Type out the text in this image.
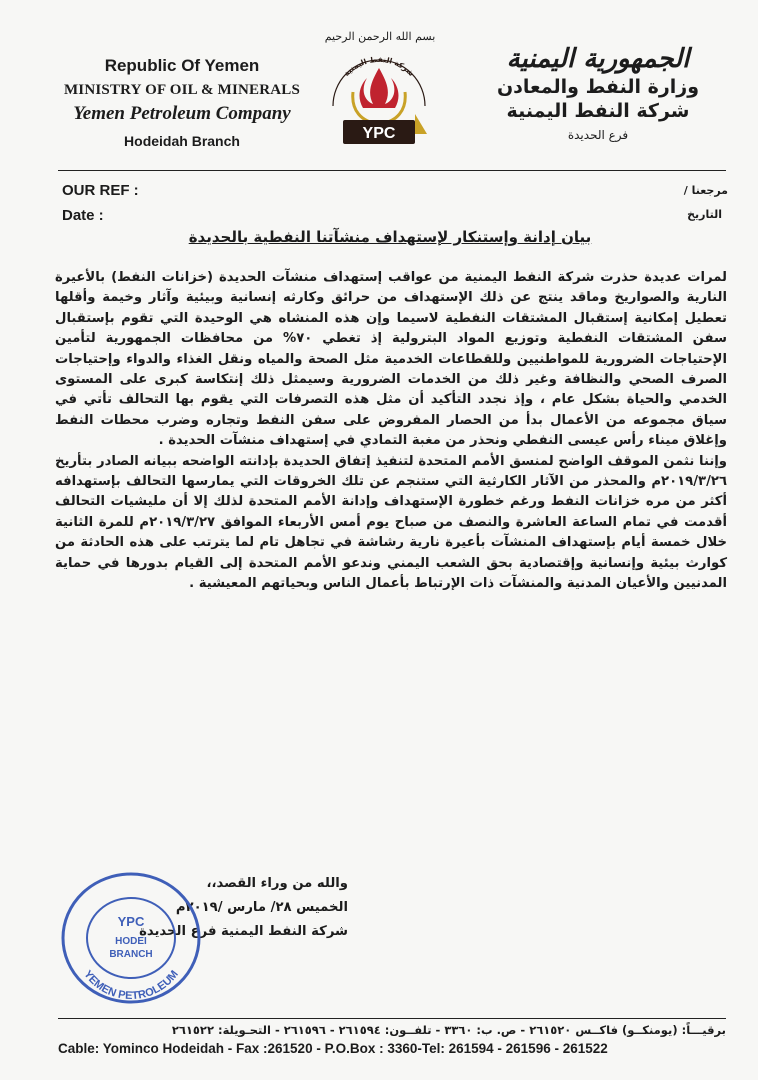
Republic Of Yemen
MINISTRY OF OIL & MINERALS
Yemen Petroleum Company
Hodeidah Branch
بسم الله الرحمن الرحيم
شركة النفط اليمنية
YPC
الجمهورية اليمنية
وزارة النفط والمعادن
شركة النفط اليمنية
فرع الحديدة
OUR REF :
Date :
مرجعنا /
التاريخ
بيان إدانة وإستنكار لإستهداف منشآتنا النفطية بالحديدة

لمرات عديدة حذرت شركة النفط اليمنية من عواقب إستهداف منشآت الحديدة (خزانات النفط) بالأعيرة النارية والصواريخ وماقد ينتج عن ذلك الإستهداف من حرائق وكارثه إنسانية وبيئية وآثار وخيمة وأقلها تعطيل إمكانية إستقبال المشتقات النفطية لاسيما وإن هذه المنشاه هي الوحيدة التي تقوم بإستقبال سفن المشتقات النفطية وتوزيع المواد البترولية إذ تغطي ٧٠% من محافظات الجمهورية لتأمين الإحتياجات الضرورية للمواطنيين وللقطاعات الخدمية مثل الصحة والمياه ونقل الغذاء والدواء وإحتياجات الصرف الصحي والنظافة وغير ذلك من الخدمات الضرورية وسيمثل ذلك إنتكاسة كبرى على المستوى الخدمي والحياة بشكل عام ، وإذ نجدد التأكيد أن مثل هذه التصرفات التي يقوم بها التحالف تأتي في سياق مجموعه من الأعمال بدأ من الحصار المفروض على سفن النفط وتجاره وضرب محطات النفط وإغلاق ميناء رأس عيسى النفطي ونحذر من مغبة التمادي في إستهداف منشآت الحديدة .

وإننا نثمن الموقف الواضح لمنسق الأمم المتحدة لتنفيذ إتفاق الحديدة بإدانته الواضحه ببيانه الصادر بتأريخ ٢٠١٩/٣/٢٦م والمحذر من الآثار الكارثية التي ستنجم عن تلك الخروقات التي يمارسها التحالف بإستهدافه أكثر من مره خزانات النفط ورغم خطورة الإستهداف وإدانة الأمم المتحدة لذلك إلا أن مليشيات التحالف أقدمت في تمام الساعة العاشرة والنصف من صباح يوم أمس الأربعاء الموافق ٢٠١٩/٣/٢٧م للمرة الثانية خلال خمسة أيام بإستهداف المنشآت بأعيرة نارية رشاشة في تجاهل تام لما يترتب على هذه الحادثة من كوارث بيئية وإنسانية وإقتصادية بحق الشعب اليمني وندعو الأمم المتحدة إلى القيام بدورها في حماية المدنيين والأعيان المدنية والمنشآت ذات الإرتباط بأعمال الناس وبحياتهم المعيشية .

والله من وراء القصد،،
الخميس ٢٨/ مارس /٢٠١٩م
شركة النفط اليمنية فرع الحديدة
YPC
HODEI
BRANCH
YEMEN PETROLEUM
برقيـــاً: (يومنكــو) فاكــس ٢٦١٥٢٠ - ص. ب: ٣٣٦٠ - تلفــون: ٢٦١٥٩٤ - ٢٦١٥٩٦ - التحـويلة: ٢٦١٥٢٢
Cable: Yominco Hodeidah - Fax :261520 - P.O.Box : 3360-Tel: 261594 - 261596 - 261522
